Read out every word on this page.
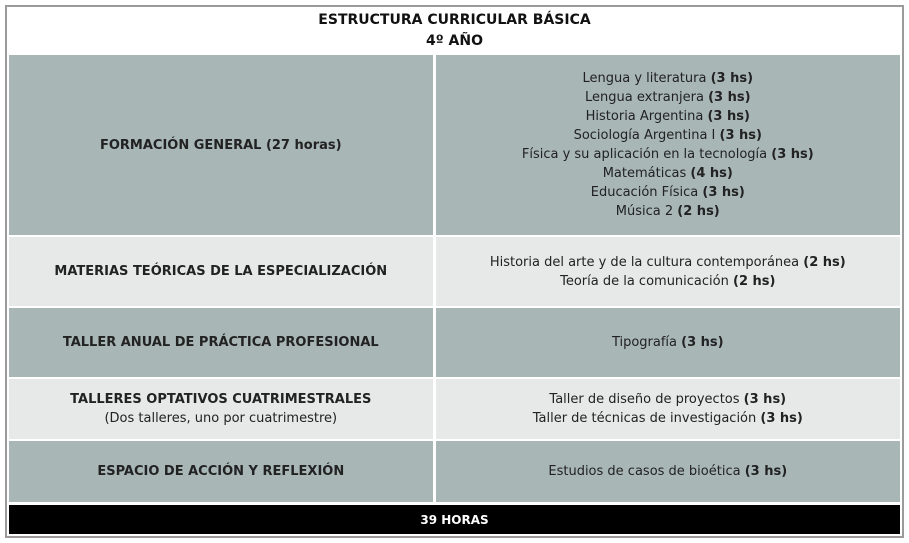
ESTRUCTURA CURRICULAR BÁSICA
4º AÑO
FORMACIÓN GENERAL (27 horas)
Lengua y literatura (3 hs)
Lengua extranjera (3 hs)
Historia Argentina (3 hs)
Sociología Argentina I (3 hs)
Física y su aplicación en la tecnología (3 hs)
Matemáticas (4 hs)
Educación Física (3 hs)
Música 2 (2 hs)
MATERIAS TEÓRICAS DE LA ESPECIALIZACIÓN
Historia del arte y de la cultura contemporánea (2 hs)
Teoría de la comunicación (2 hs)
TALLER ANUAL DE PRÁCTICA PROFESIONAL	Tipografía (3 hs)
TALLERES OPTATIVOS CUATRIMESTRALES
(Dos talleres, uno por cuatrimestre)
Taller de diseño de proyectos (3 hs)
Taller de técnicas de investigación (3 hs)
ESPACIO DE ACCIÓN Y REFLEXIÓN	Estudios de casos de bioética (3 hs)
39 HORAS
